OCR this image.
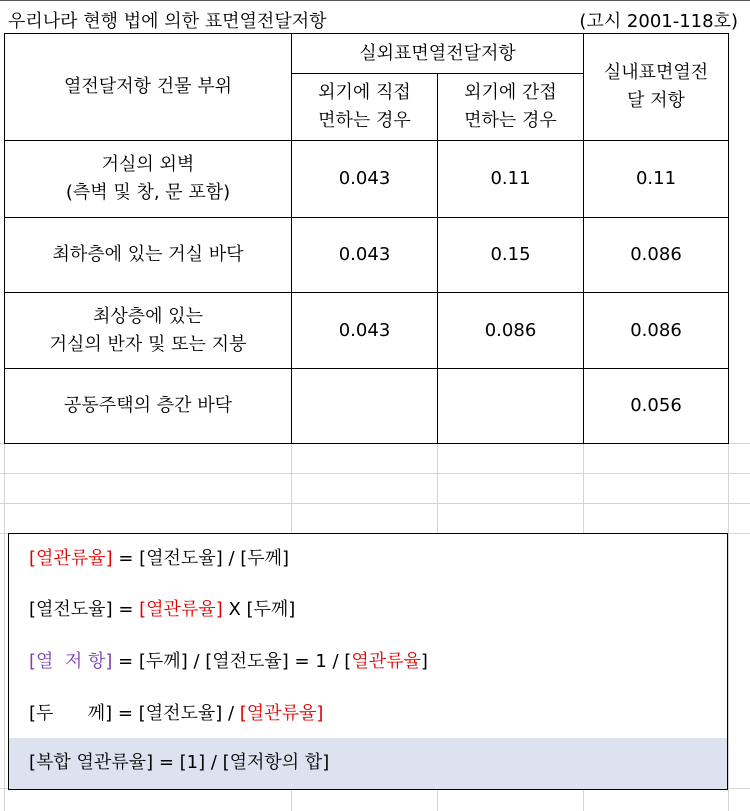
우리나라 현행 법에 의한 표면열전달저항	(고시 2001-118호)
열전달저항 건물 부위	실외표면열전달저항		실내표면열전
달 저항
	외기에 직접
면하는 경우	외기에 간접
면하는 경우	
거실의 외벽
(측벽 및 창, 문 포함)	0.043	0.11	0.11
최하층에 있는 거실 바닥	0.043	0.15	0.086
최상층에 있는
거실의 반자 및 또는 지붕	0.043	0.086	0.086
공동주택의 층간 바닥			0.056
[열관류율] = [열전도율] / [두께]
[열전도율] = [열관류율] X [두께]
[열  저 항] = [두께] / [열전도율] = 1 / [열관류율]
[두      께] = [열전도율] / [열관류율]
[복합 열관류율] = [1] / [열저항의 합]
